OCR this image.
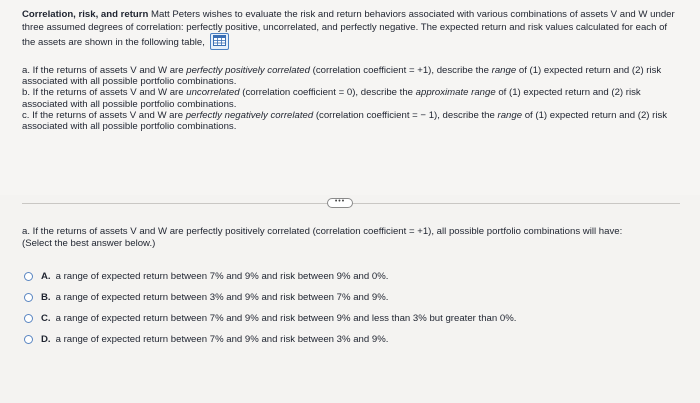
Correlation, risk, and return Matt Peters wishes to evaluate the risk and return behaviors associated with various combinations of assets V and W under three assumed degrees of correlation: perfectly positive, uncorrelated, and perfectly negative. The expected return and risk values calculated for each of the assets are shown in the following table,

a. If the returns of assets V and W are perfectly positively correlated (correlation coefficient = +1), describe the range of (1) expected return and (2) risk associated with all possible portfolio combinations.

b. If the returns of assets V and W are uncorrelated (correlation coefficient = 0), describe the approximate range of (1) expected return and (2) risk associated with all possible portfolio combinations.

c. If the returns of assets V and W are perfectly negatively correlated (correlation coefficient = − 1), describe the range of (1) expected return and (2) risk associated with all possible portfolio combinations.

•••
a. If the returns of assets V and W are perfectly positively correlated (correlation coefficient = +1), all possible portfolio combinations will have:
(Select the best answer below.)
A. a range of expected return between 7% and 9% and risk between 9% and 0%.
B. a range of expected return between 3% and 9% and risk between 7% and 9%.
C. a range of expected return between 7% and 9% and risk between 9% and less than 3% but greater than 0%.
D. a range of expected return between 7% and 9% and risk between 3% and 9%.
